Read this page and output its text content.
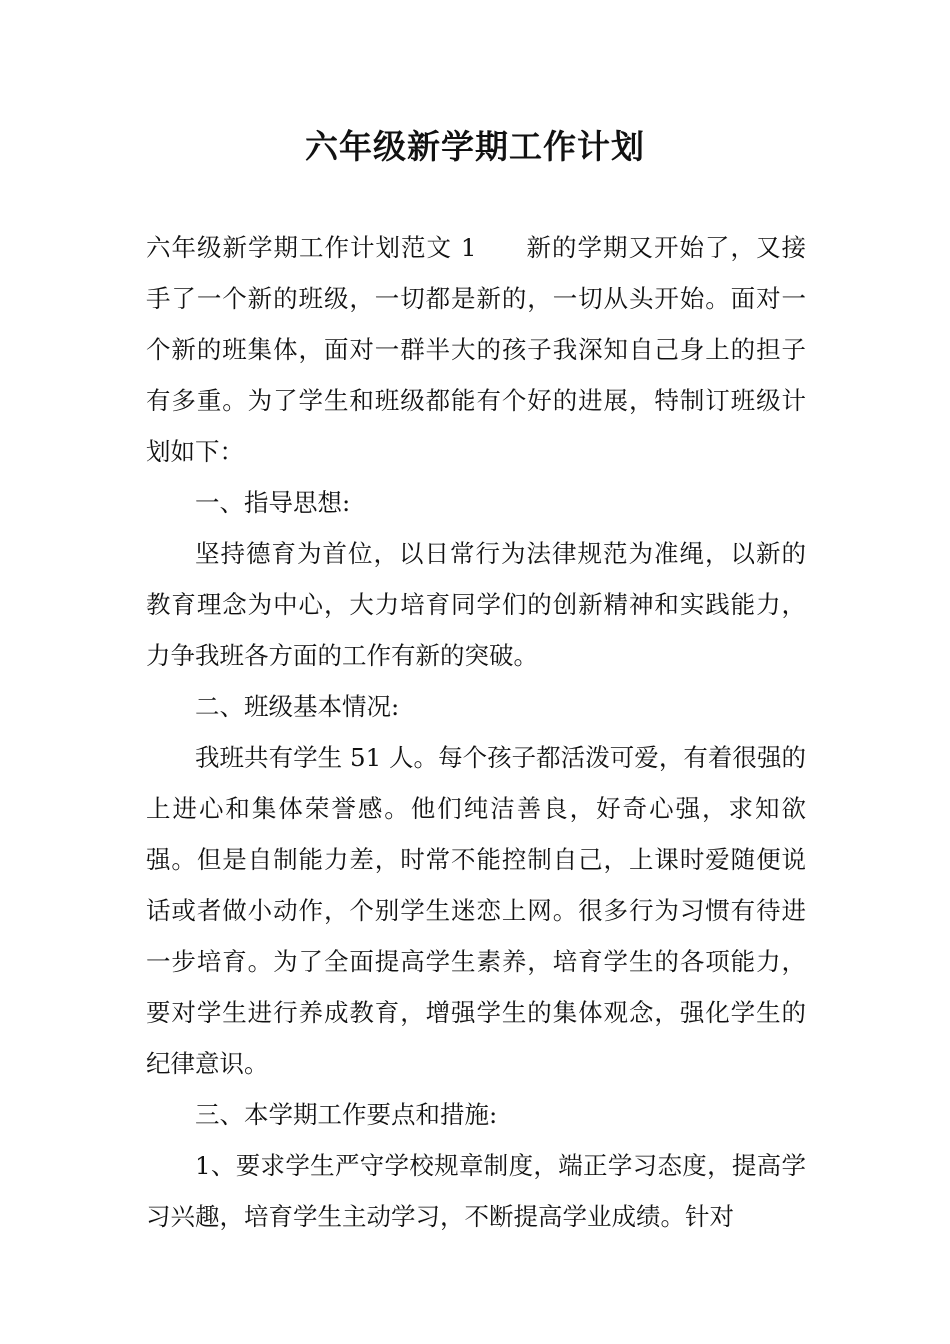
六年级新学期工作计划

六年级新学期工作计划范文 1 新的学期又开始了，又接手了一个新的班级，一切都是新的，一切从头开始。面对一个新的班集体，面对一群半大的孩子我深知自己身上的担子有多重。为了学生和班级都能有个好的进展，特制订班级计划如下：

一、指导思想:

坚持德育为首位，以日常行为法律规范为准绳，以新的教育理念为中心，大力培育同学们的创新精神和实践能力，力争我班各方面的工作有新的突破。

二、班级基本情况:

我班共有学生 51 人。每个孩子都活泼可爱，有着很强的上进心和集体荣誉感。他们纯洁善良，好奇心强，求知欲强。但是自制能力差，时常不能控制自己，上课时爱随便说话或者做小动作，个别学生迷恋上网。很多行为习惯有待进一步培育。为了全面提高学生素养，培育学生的各项能力，要对学生进行养成教育，增强学生的集体观念，强化学生的纪律意识。

三、本学期工作要点和措施:

1、要求学生严守学校规章制度，端正学习态度，提高学习兴趣，培育学生主动学习，不断提高学业成绩。针对
